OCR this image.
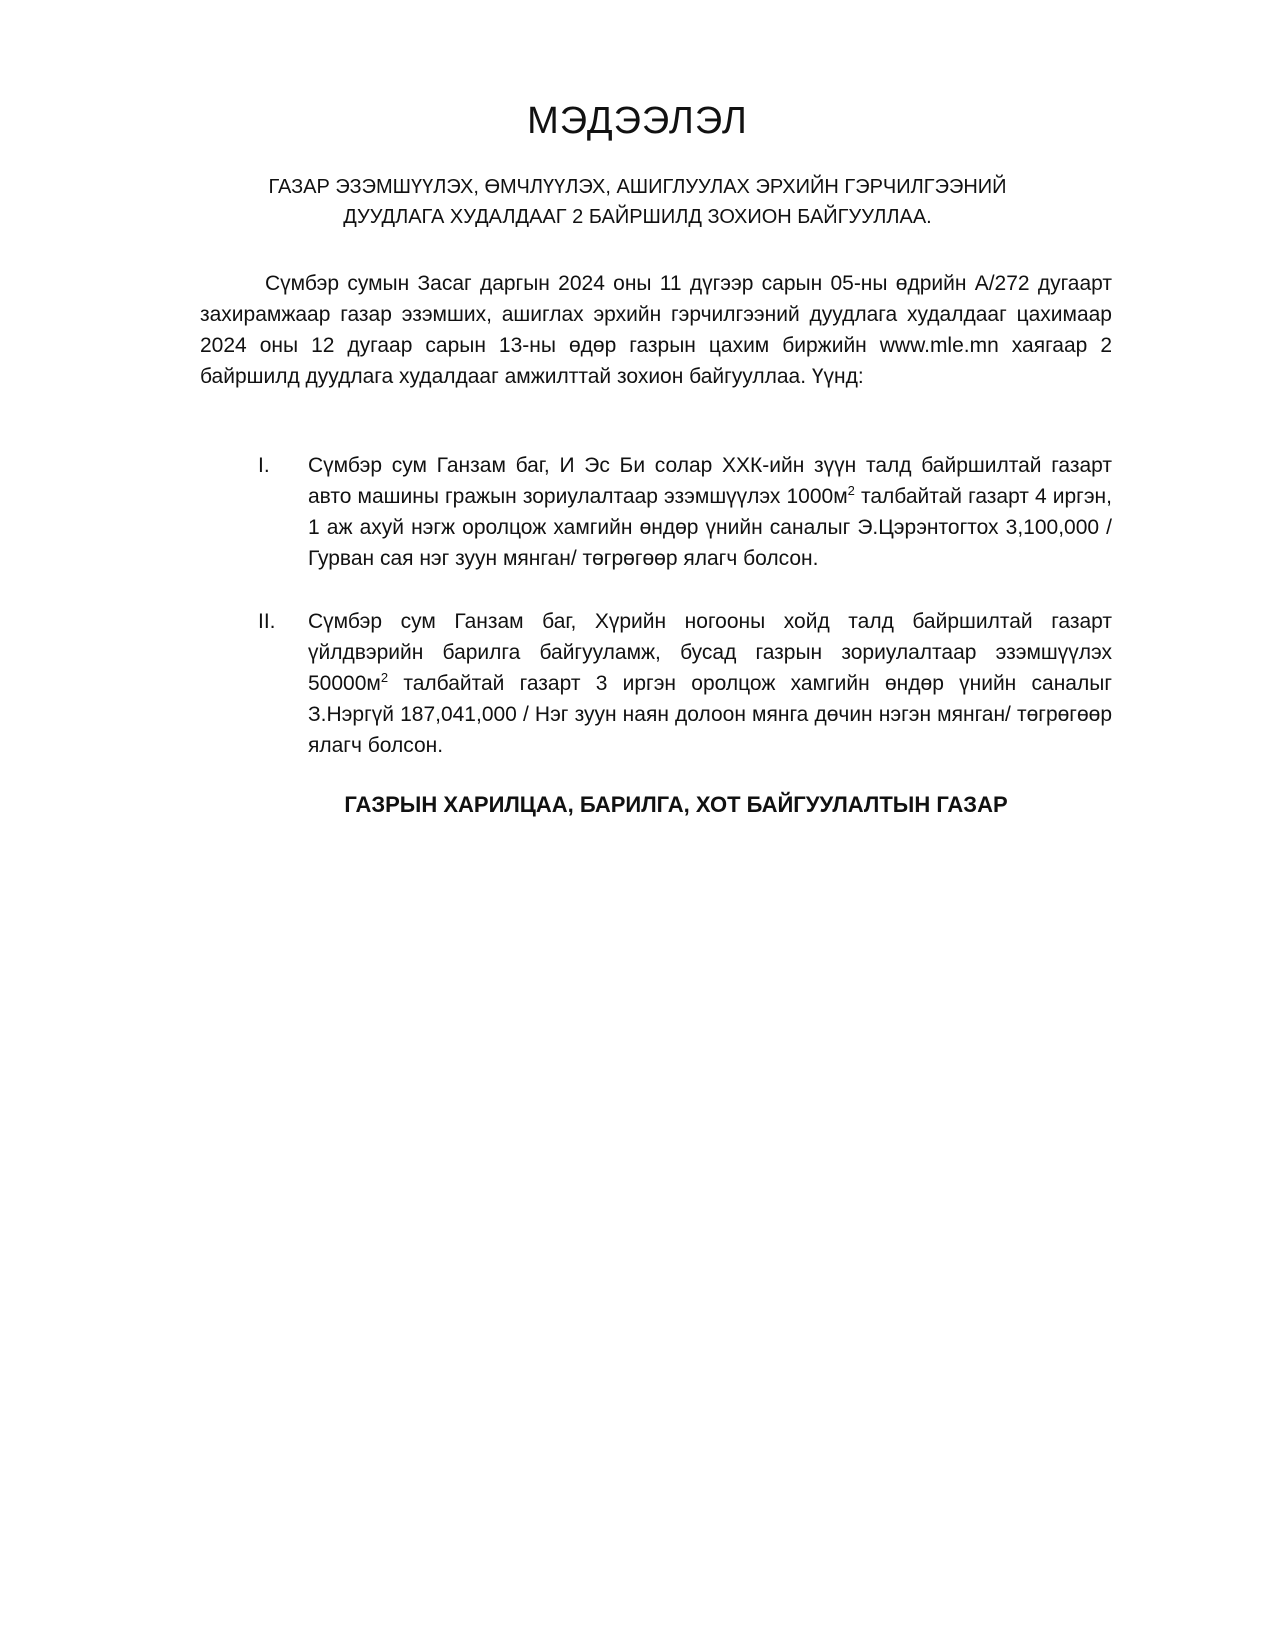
МЭДЭЭЛЭЛ
ГАЗАР ЭЗЭМШҮҮЛЭХ, ӨМЧЛҮҮЛЭХ, АШИГЛУУЛАХ ЭРХИЙН ГЭРЧИЛГЭЭНИЙ
ДУУДЛАГА ХУДАЛДААГ 2 БАЙРШИЛД ЗОХИОН БАЙГУУЛЛАА.
Сүмбэр сумын Засаг даргын 2024 оны 11 дүгээр сарын 05-ны өдрийн А/272 дугаарт захирамжаар газар эзэмших, ашиглах эрхийн гэрчилгээний дуудлага худалдааг цахимаар 2024 оны 12 дугаар сарын 13-ны өдөр газрын цахим биржийн www.mle.mn хаягаар 2 байршилд дуудлага худалдааг амжилттай зохион байгууллаа. Үүнд:
I. Сүмбэр сум Ганзам баг, И Эс Би солар ХХК-ийн зүүн талд байршилтай газарт авто машины гражын зориулалтаар эзэмшүүлэх $1000м^2$ талбайтай газарт 4 иргэн, 1 аж ахуй нэгж оролцож хамгийн өндөр үнийн саналыг Э.Цэрэнтогтох 3,100,000 / Гурван сая нэг зуун мянган/ төгрөгөөр ялагч болсон.
II. Сүмбэр сум Ганзам баг, Хүрийн ногооны хойд талд байршилтай газарт үйлдвэрийн барилга байгууламж, бусад газрын зориулалтаар эзэмшүүлэх $50000м^2$ талбайтай газарт 3 иргэн оролцож хамгийн өндөр үнийн саналыг З.Нэргүй 187,041,000 / Нэг зуун наян долоон мянга дөчин нэгэн мянган/ төгрөгөөр ялагч болсон.
ГАЗРЫН ХАРИЛЦАА, БАРИЛГА, ХОТ БАЙГУУЛАЛТЫН ГАЗАР
